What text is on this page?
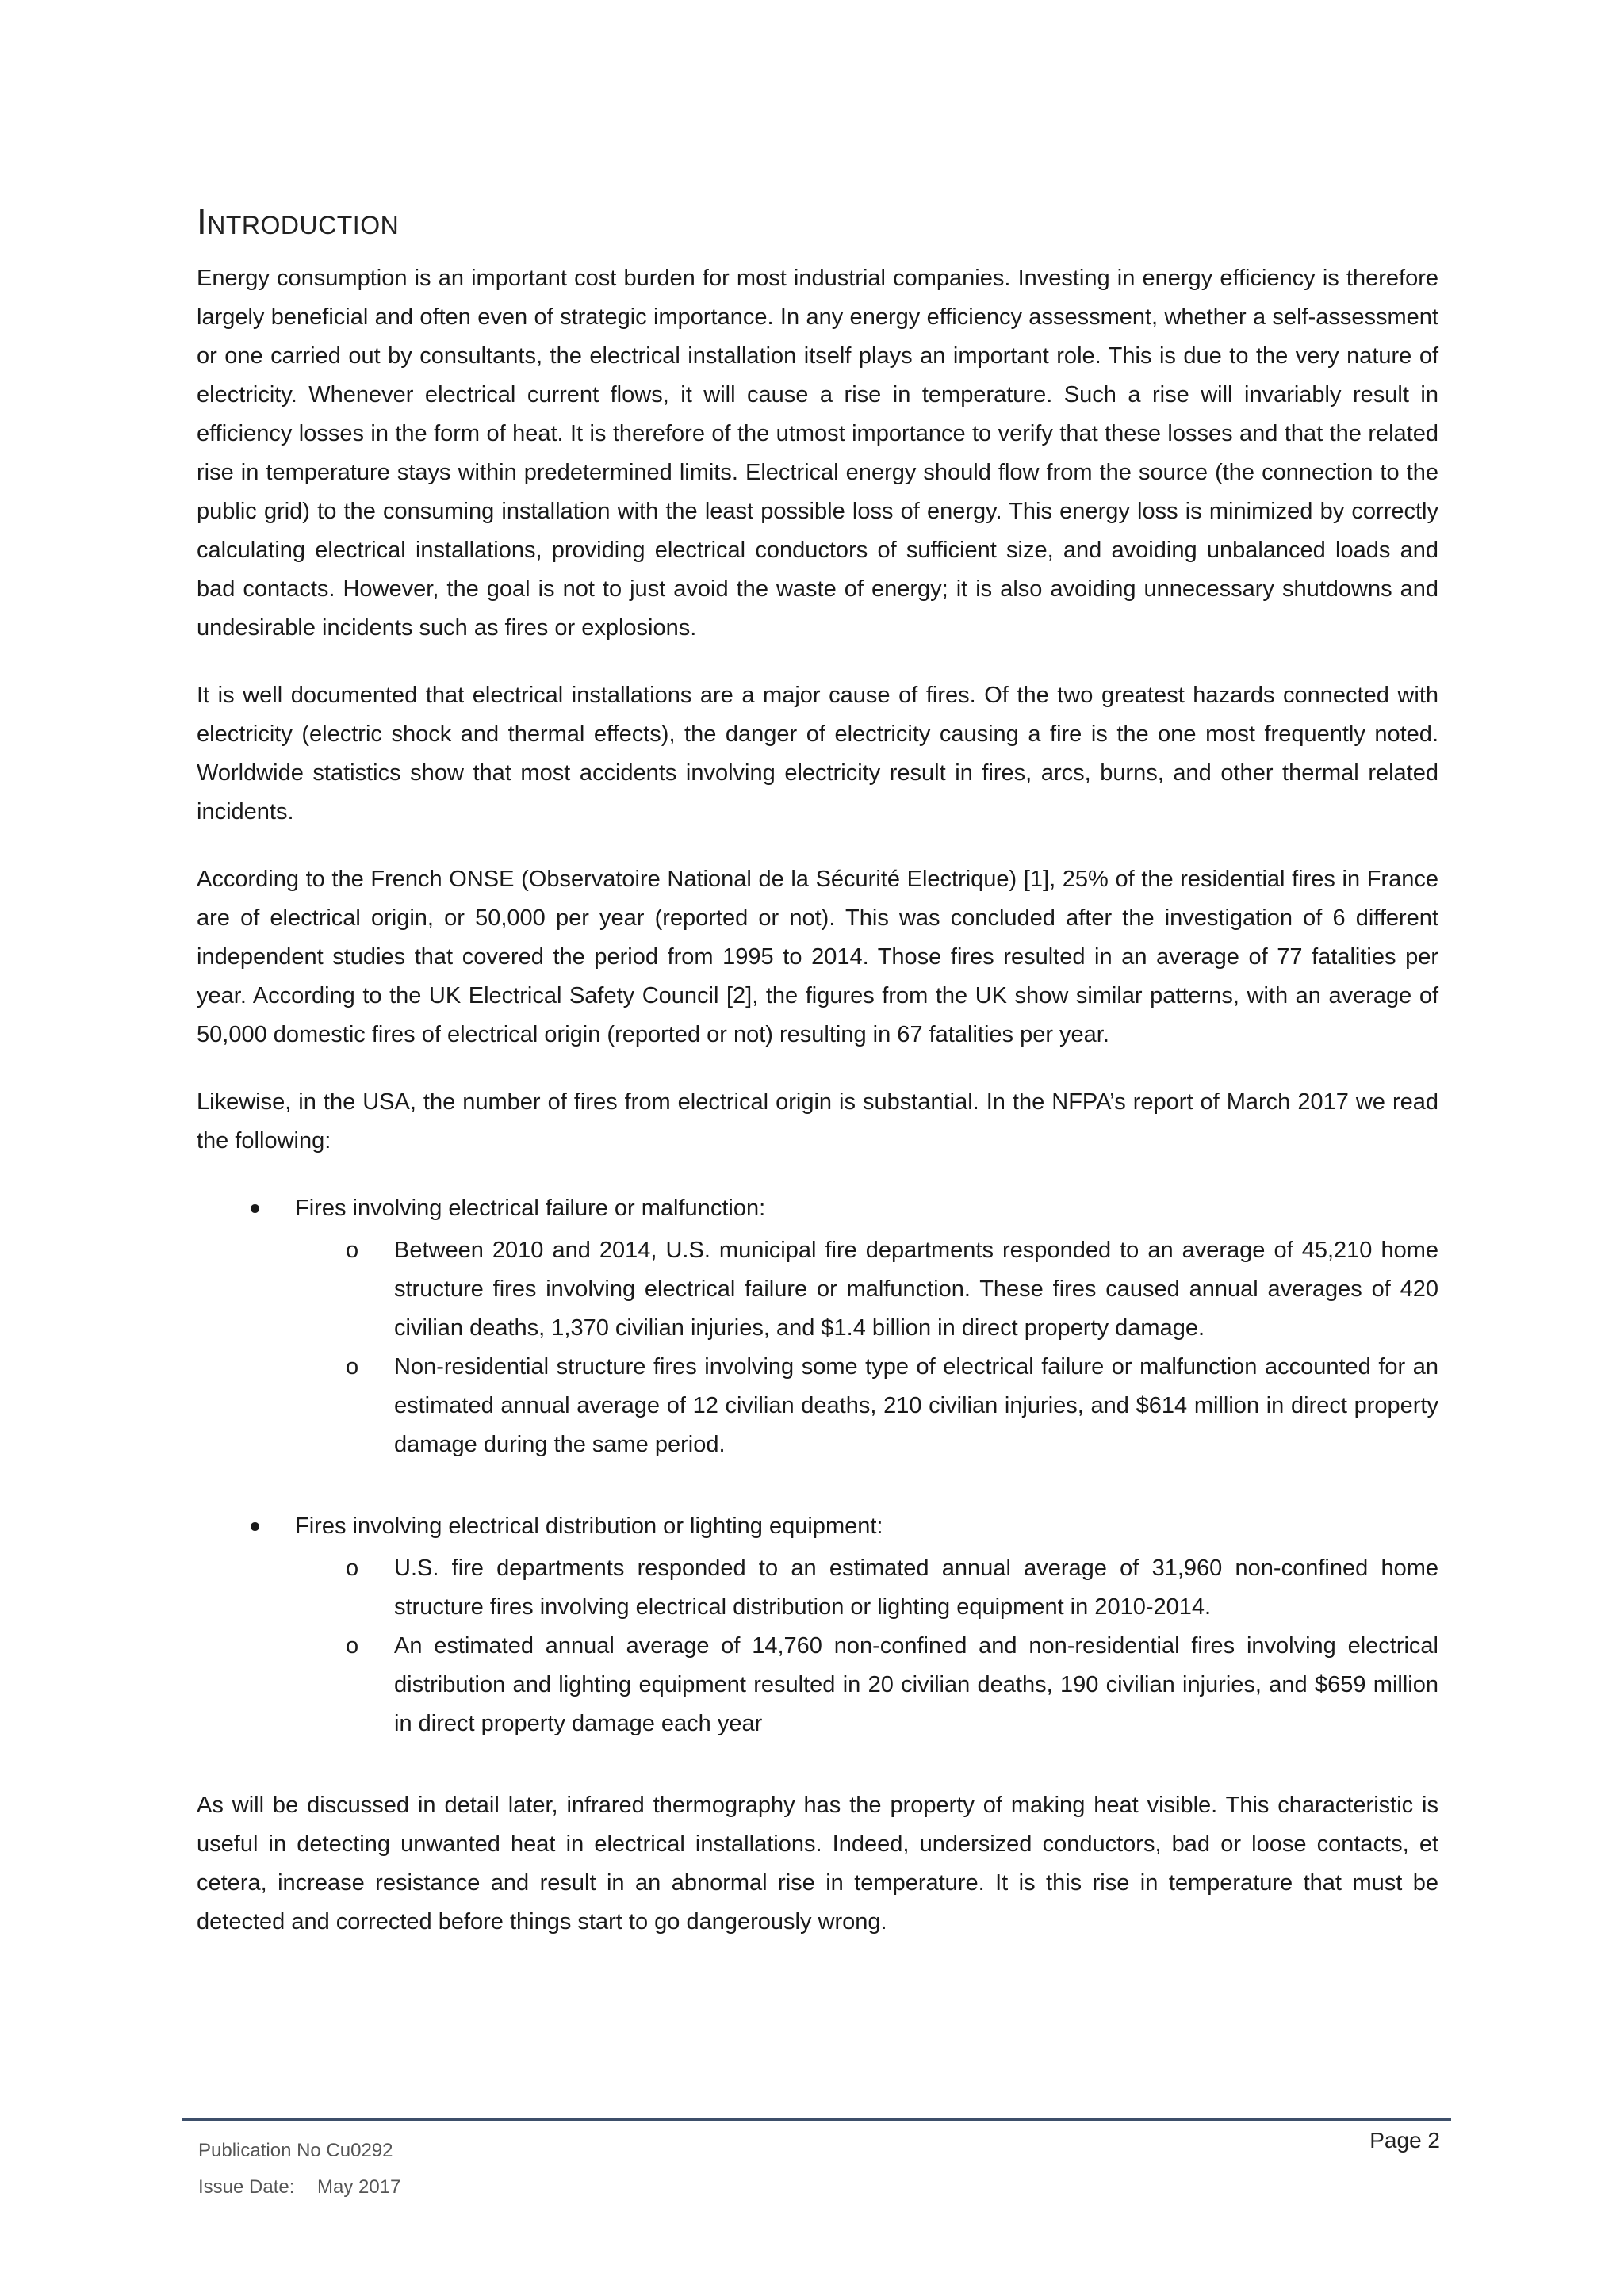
Introduction

Energy consumption is an important cost burden for most industrial companies. Investing in energy efficiency is therefore largely beneficial and often even of strategic importance. In any energy efficiency assessment, whether a self-assessment or one carried out by consultants, the electrical installation itself plays an important role. This is due to the very nature of electricity. Whenever electrical current flows, it will cause a rise in temperature. Such a rise will invariably result in efficiency losses in the form of heat. It is therefore of the utmost importance to verify that these losses and that the related rise in temperature stays within predetermined limits. Electrical energy should flow from the source (the connection to the public grid) to the consuming installation with the least possible loss of energy. This energy loss is minimized by correctly calculating electrical installations, providing electrical conductors of sufficient size, and avoiding unbalanced loads and bad contacts. However, the goal is not to just avoid the waste of energy; it is also avoiding unnecessary shutdowns and undesirable incidents such as fires or explosions.

It is well documented that electrical installations are a major cause of fires. Of the two greatest hazards connected with electricity (electric shock and thermal effects), the danger of electricity causing a fire is the one most frequently noted. Worldwide statistics show that most accidents involving electricity result in fires, arcs, burns, and other thermal related incidents.

According to the French ONSE (Observatoire National de la Sécurité Electrique) [1], 25% of the residential fires in France are of electrical origin, or 50,000 per year (reported or not). This was concluded after the investigation of 6 different independent studies that covered the period from 1995 to 2014. Those fires resulted in an average of 77 fatalities per year. According to the UK Electrical Safety Council [2], the figures from the UK show similar patterns, with an average of 50,000 domestic fires of electrical origin (reported or not) resulting in 67 fatalities per year.

Likewise, in the USA, the number of fires from electrical origin is substantial. In the NFPA’s report of March 2017 we read the following:

Fires involving electrical failure or malfunction:
o Between 2010 and 2014, U.S. municipal fire departments responded to an average of 45,210 home structure fires involving electrical failure or malfunction. These fires caused annual averages of 420 civilian deaths, 1,370 civilian injuries, and $1.4 billion in direct property damage.
o Non-residential structure fires involving some type of electrical failure or malfunction accounted for an estimated annual average of 12 civilian deaths, 210 civilian injuries, and $614 million in direct property damage during the same period.
Fires involving electrical distribution or lighting equipment:
o U.S. fire departments responded to an estimated annual average of 31,960 non-confined home structure fires involving electrical distribution or lighting equipment in 2010-2014.
o An estimated annual average of 14,760 non-confined and non-residential fires involving electrical distribution and lighting equipment resulted in 20 civilian deaths, 190 civilian injuries, and $659 million in direct property damage each year

As will be discussed in detail later, infrared thermography has the property of making heat visible. This characteristic is useful in detecting unwanted heat in electrical installations. Indeed, undersized conductors, bad or loose contacts, et cetera, increase resistance and result in an abnormal rise in temperature. It is this rise in temperature that must be detected and corrected before things start to go dangerously wrong.

Publication No Cu0292
Issue Date: May 2017
Page 2
